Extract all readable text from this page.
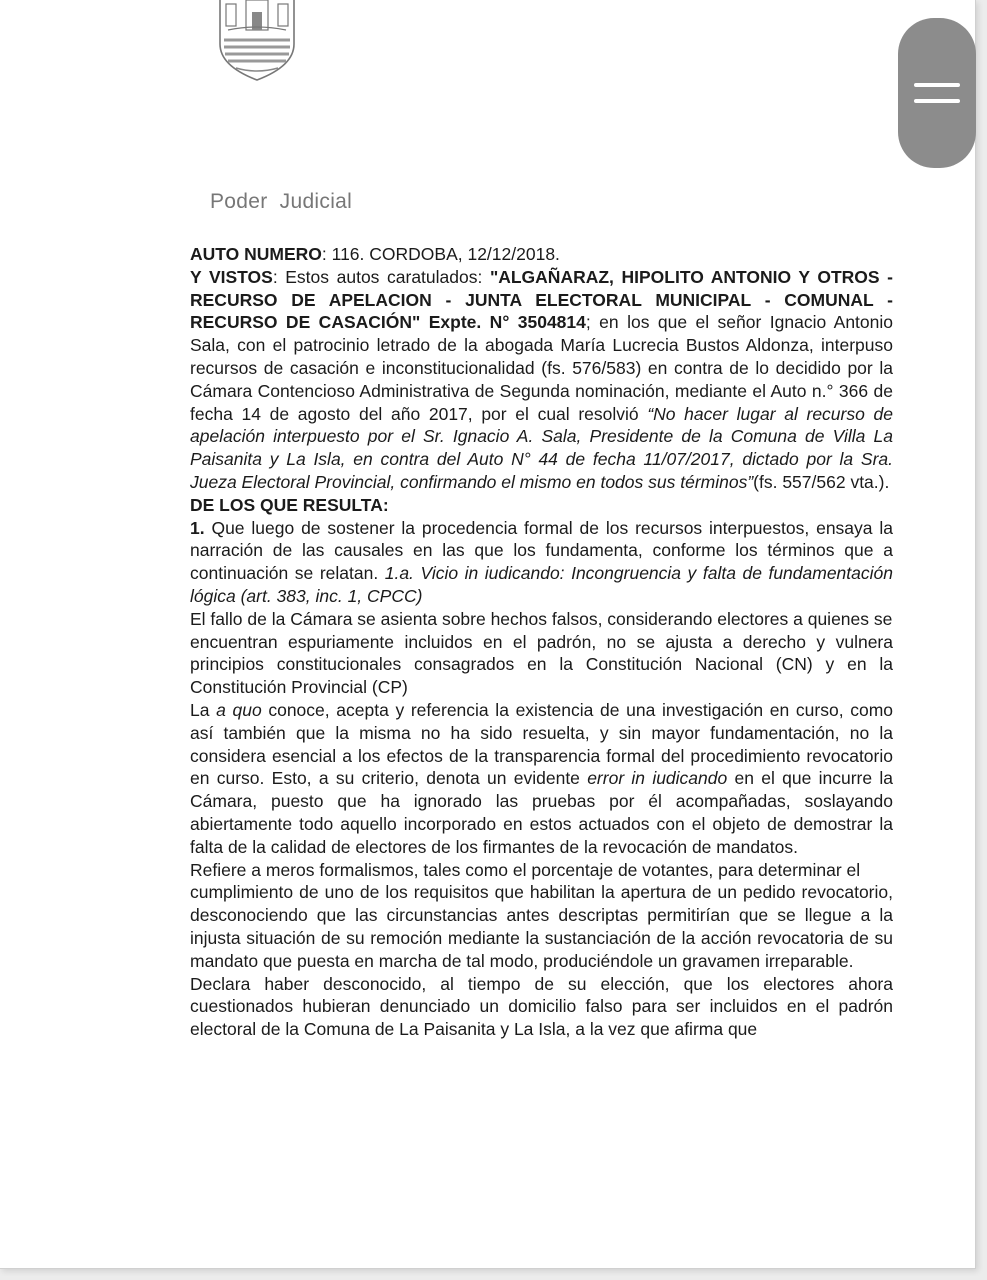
Poder Judicial

AUTO NUMERO: 116. CORDOBA, 12/12/2018.

Y VISTOS: Estos autos caratulados: "ALGAÑARAZ, HIPOLITO ANTONIO Y OTROS - RECURSO DE APELACION - JUNTA ELECTORAL MUNICIPAL - COMUNAL - RECURSO DE CASACIÓN" Expte. N° 3504814; en los que el señor Ignacio Antonio Sala, con el patrocinio letrado de la abogada María Lucrecia Bustos Aldonza, interpuso recursos de casación e inconstitucionalidad (fs. 576/583) en contra de lo decidido por la Cámara Contencioso Administrativa de Segunda nominación, mediante el Auto n.° 366 de fecha 14 de agosto del año 2017, por el cual resolvió “No hacer lugar al recurso de apelación interpuesto por el Sr. Ignacio A. Sala, Presidente de la Comuna de Villa La Paisanita y La Isla, en contra del Auto N° 44 de fecha 11/07/2017, dictado por la Sra. Jueza Electoral Provincial, confirmando el mismo en todos sus términos”(fs. 557/562 vta.).

DE LOS QUE RESULTA:

1. Que luego de sostener la procedencia formal de los recursos interpuestos, ensaya la narración de las causales en las que los fundamenta, conforme los términos que a continuación se relatan. 1.a. Vicio in iudicando: Incongruencia y falta de fundamentación lógica (art. 383, inc. 1, CPCC)

El fallo de la Cámara se asienta sobre hechos falsos, considerando electores a quienes se

encuentran espuriamente incluidos en el padrón, no se ajusta a derecho y vulnera principios constitucionales consagrados en la Constitución Nacional (CN) y en la Constitución Provincial (CP)

La a quo conoce, acepta y referencia la existencia de una investigación en curso, como así también que la misma no ha sido resuelta, y sin mayor fundamentación, no la considera esencial a los efectos de la transparencia formal del procedimiento revocatorio en curso. Esto, a su criterio, denota un evidente error in iudicando en el que incurre la Cámara, puesto que ha ignorado las pruebas por él acompañadas, soslayando abiertamente todo aquello incorporado en estos actuados con el objeto de demostrar la falta de la calidad de electores de los firmantes de la revocación de mandatos.

Refiere a meros formalismos, tales como el porcentaje de votantes, para determinar el

cumplimiento de uno de los requisitos que habilitan la apertura de un pedido revocatorio, desconociendo que las circunstancias antes descriptas permitirían que se llegue a la injusta situación de su remoción mediante la sustanciación de la acción revocatoria de su mandato que puesta en marcha de tal modo, produciéndole un gravamen irreparable.

Declara haber desconocido, al tiempo de su elección, que los electores ahora cuestionados hubieran denunciado un domicilio falso para ser incluidos en el padrón electoral de la Comuna de La Paisanita y La Isla, a la vez que afirma que
